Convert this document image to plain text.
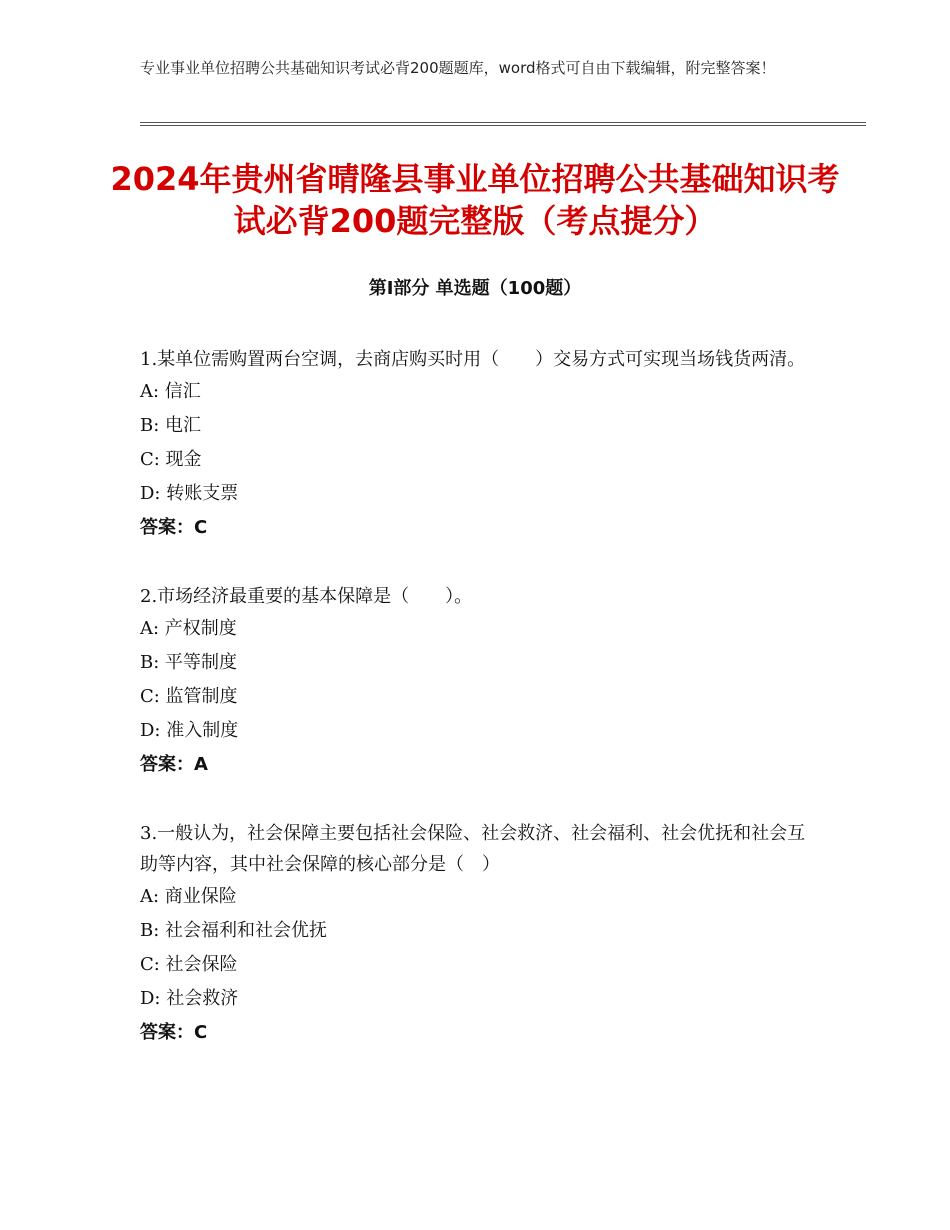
专业事业单位招聘公共基础知识考试必背200题题库，word格式可自由下载编辑，附完整答案！
2024年贵州省晴隆县事业单位招聘公共基础知识考试必背200题完整版（考点提分）
第Ⅰ部分 单选题（100题）

1.某单位需购置两台空调，去商店购买时用（　　）交易方式可实现当场钱货两清。

A: 信汇

B: 电汇

C: 现金

D: 转账支票

答案：C

2.市场经济最重要的基本保障是（　　）。

A: 产权制度

B: 平等制度

C: 监管制度

D: 准入制度

答案：A

3.一般认为，社会保障主要包括社会保险、社会救济、社会福利、社会优抚和社会互助等内容，其中社会保障的核心部分是（　）

A: 商业保险

B: 社会福利和社会优抚

C: 社会保险

D: 社会救济

答案：C
